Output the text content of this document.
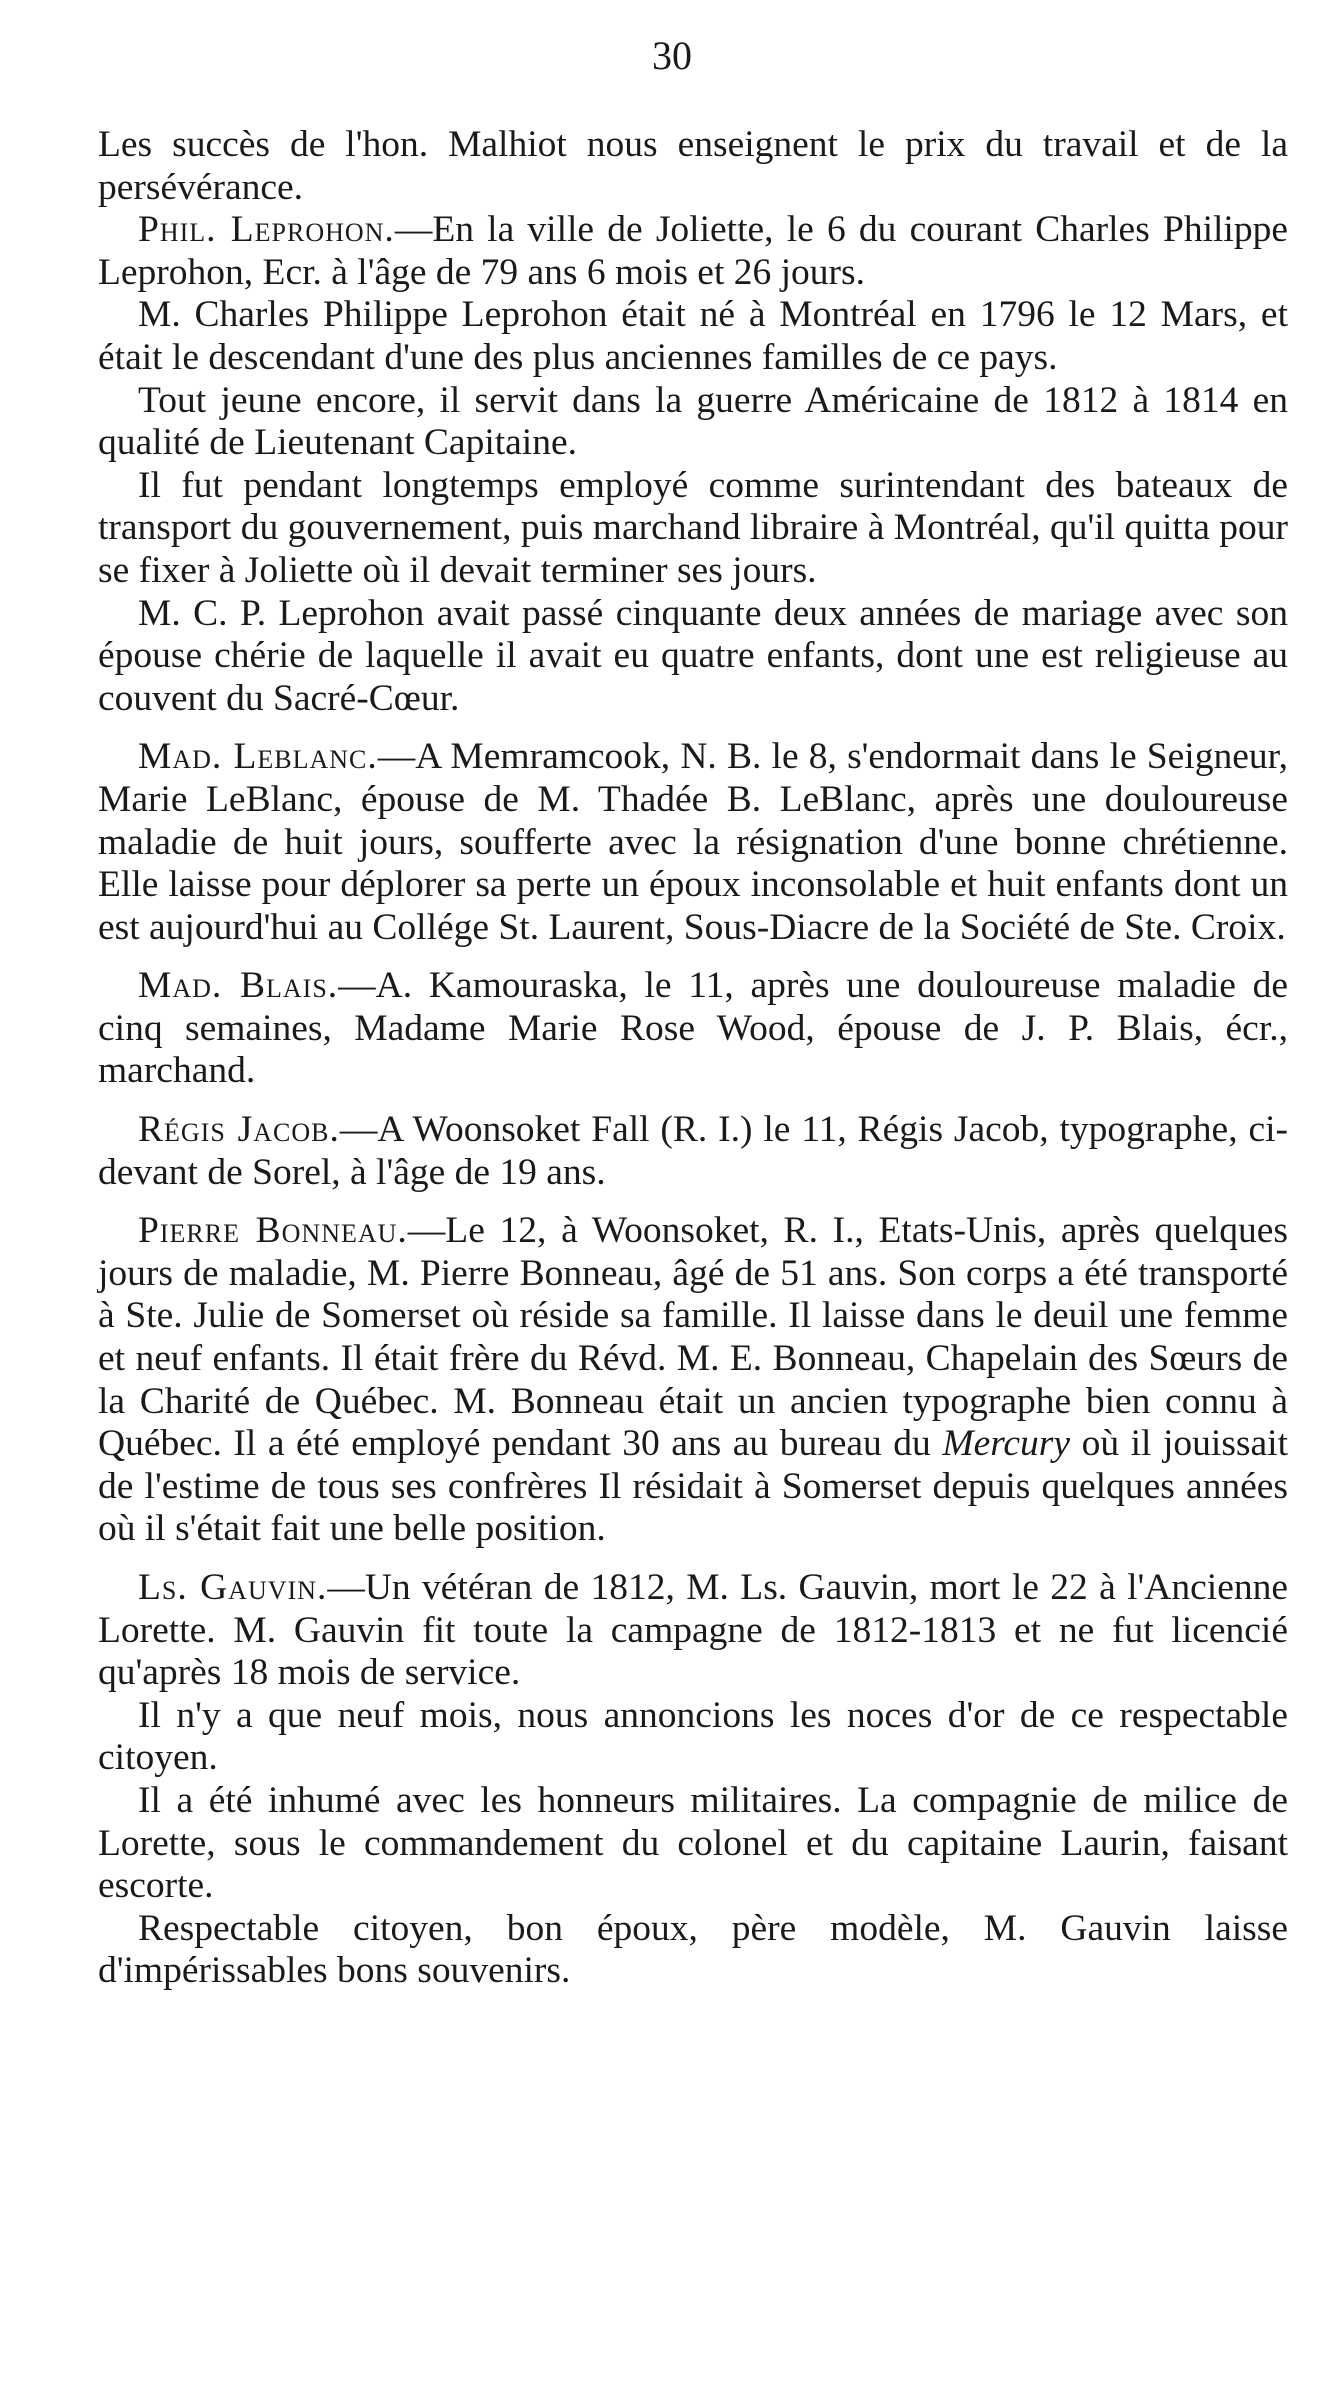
30

Les succès de l'hon. Malhiot nous enseignent le prix du travail et de la persévérance.

Phil. Leprohon.—En la ville de Joliette, le 6 du courant Charles Philippe Leprohon, Ecr. à l'âge de 79 ans 6 mois et 26 jours.

M. Charles Philippe Leprohon était né à Montréal en 1796 le 12 Mars, et était le descendant d'une des plus anciennes familles de ce pays.

Tout jeune encore, il servit dans la guerre Américaine de 1812 à 1814 en qualité de Lieutenant Capitaine.

Il fut pendant longtemps employé comme surintendant des bateaux de transport du gouvernement, puis marchand libraire à Montréal, qu'il quitta pour se fixer à Joliette où il devait terminer ses jours.

M. C. P. Leprohon avait passé cinquante deux années de mariage avec son épouse chérie de laquelle il avait eu quatre enfants, dont une est religieuse au couvent du Sacré-Cœur.

Mad. Leblanc.—A Memramcook, N. B. le 8, s'endormait dans le Seigneur, Marie LeBlanc, épouse de M. Thadée B. LeBlanc, après une douloureuse maladie de huit jours, soufferte avec la résignation d'une bonne chrétienne. Elle laisse pour déplorer sa perte un époux inconsolable et huit enfants dont un est aujourd'hui au Collége St. Laurent, Sous-Diacre de la Société de Ste. Croix.

Mad. Blais.—A. Kamouraska, le 11, après une douloureuse maladie de cinq semaines, Madame Marie Rose Wood, épouse de J. P. Blais, écr., marchand.

Régis Jacob.—A Woonsoket Fall (R. I.) le 11, Régis Jacob, typographe, ci-devant de Sorel, à l'âge de 19 ans.

Pierre Bonneau.—Le 12, à Woonsoket, R. I., Etats-Unis, après quelques jours de maladie, M. Pierre Bonneau, âgé de 51 ans. Son corps a été transporté à Ste. Julie de Somerset où réside sa famille. Il laisse dans le deuil une femme et neuf enfants. Il était frère du Révd. M. E. Bonneau, Chapelain des Sœurs de la Charité de Québec. M. Bonneau était un ancien typographe bien connu à Québec. Il a été employé pendant 30 ans au bureau du Mercury où il jouissait de l'estime de tous ses confrères Il résidait à Somerset depuis quelques années où il s'était fait une belle position.

Ls. Gauvin.—Un vétéran de 1812, M. Ls. Gauvin, mort le 22 à l'Ancienne Lorette. M. Gauvin fit toute la campagne de 1812-1813 et ne fut licencié qu'après 18 mois de service.

Il n'y a que neuf mois, nous annoncions les noces d'or de ce respectable citoyen.

Il a été inhumé avec les honneurs militaires. La compagnie de milice de Lorette, sous le commandement du colonel et du capitaine Laurin, faisant escorte.

Respectable citoyen, bon époux, père modèle, M. Gauvin laisse d'impérissables bons souvenirs.
